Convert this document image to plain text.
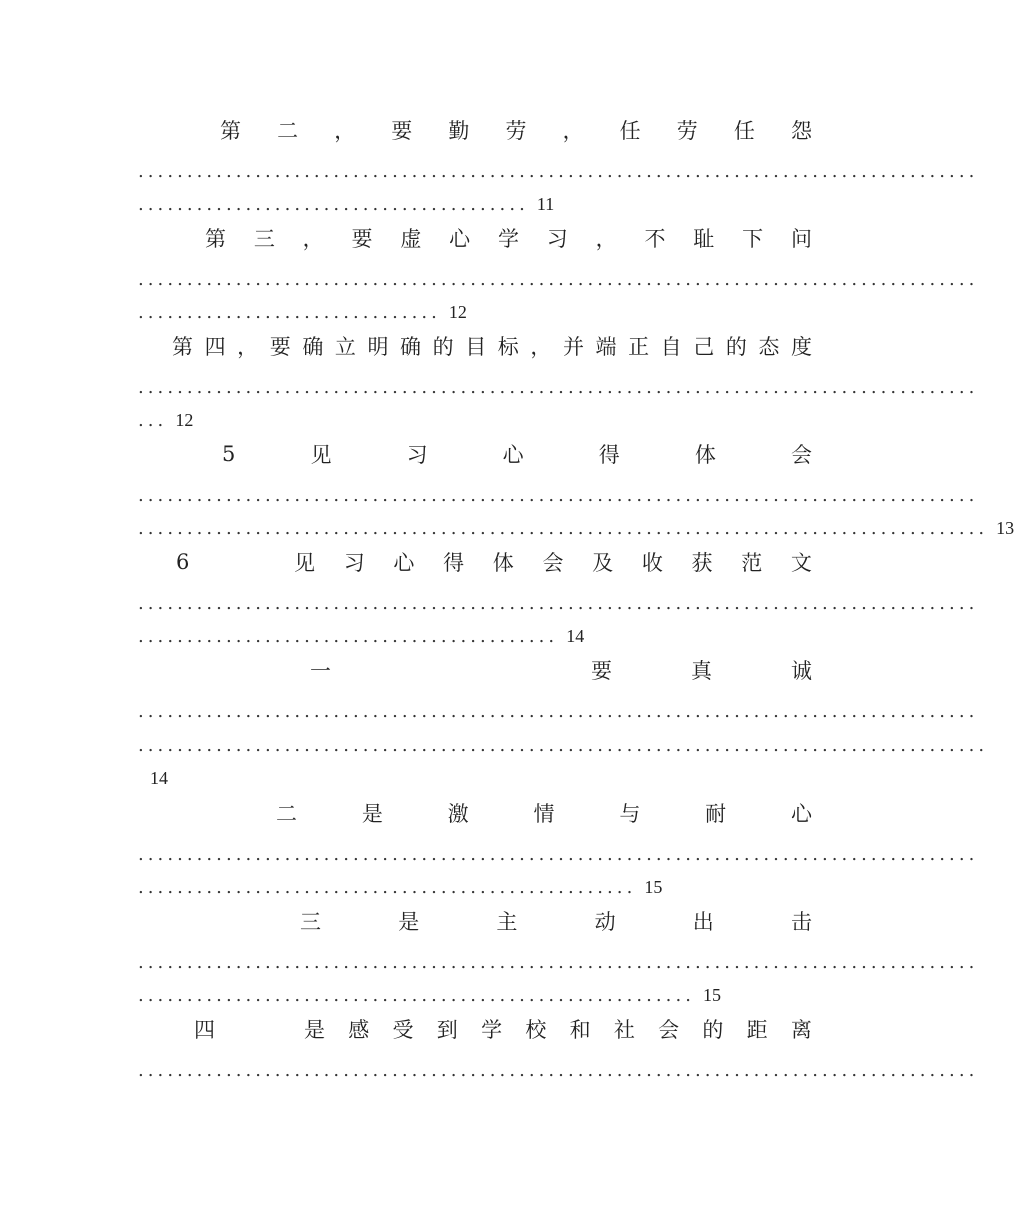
第 二 ， 要 勤 劳 ， 任 劳 任 怨
......................................................................................
........................................ 11
第 三 ， 要 虚 心 学 习 ， 不 耻 下 问
......................................................................................
............................... 12
第 四 ， 要 确 立 明 确 的 目 标 ， 并 端 正 自 己 的 态 度
......................................................................................
... 12
5	见	习	心	得	体	会
......................................................................................
....................................................................................... 13
6	见 习 心 得 体 会 及 收 获 范 文
......................................................................................
........................................... 14
一	要	真	诚
......................................................................................
.......................................................................................
14
二	是	激	情	与	耐	心
......................................................................................
................................................... 15
三	是	主	动	出	击
......................................................................................
......................................................... 15
四	是 感 受 到 学 校 和 社 会 的 距 离
......................................................................................
